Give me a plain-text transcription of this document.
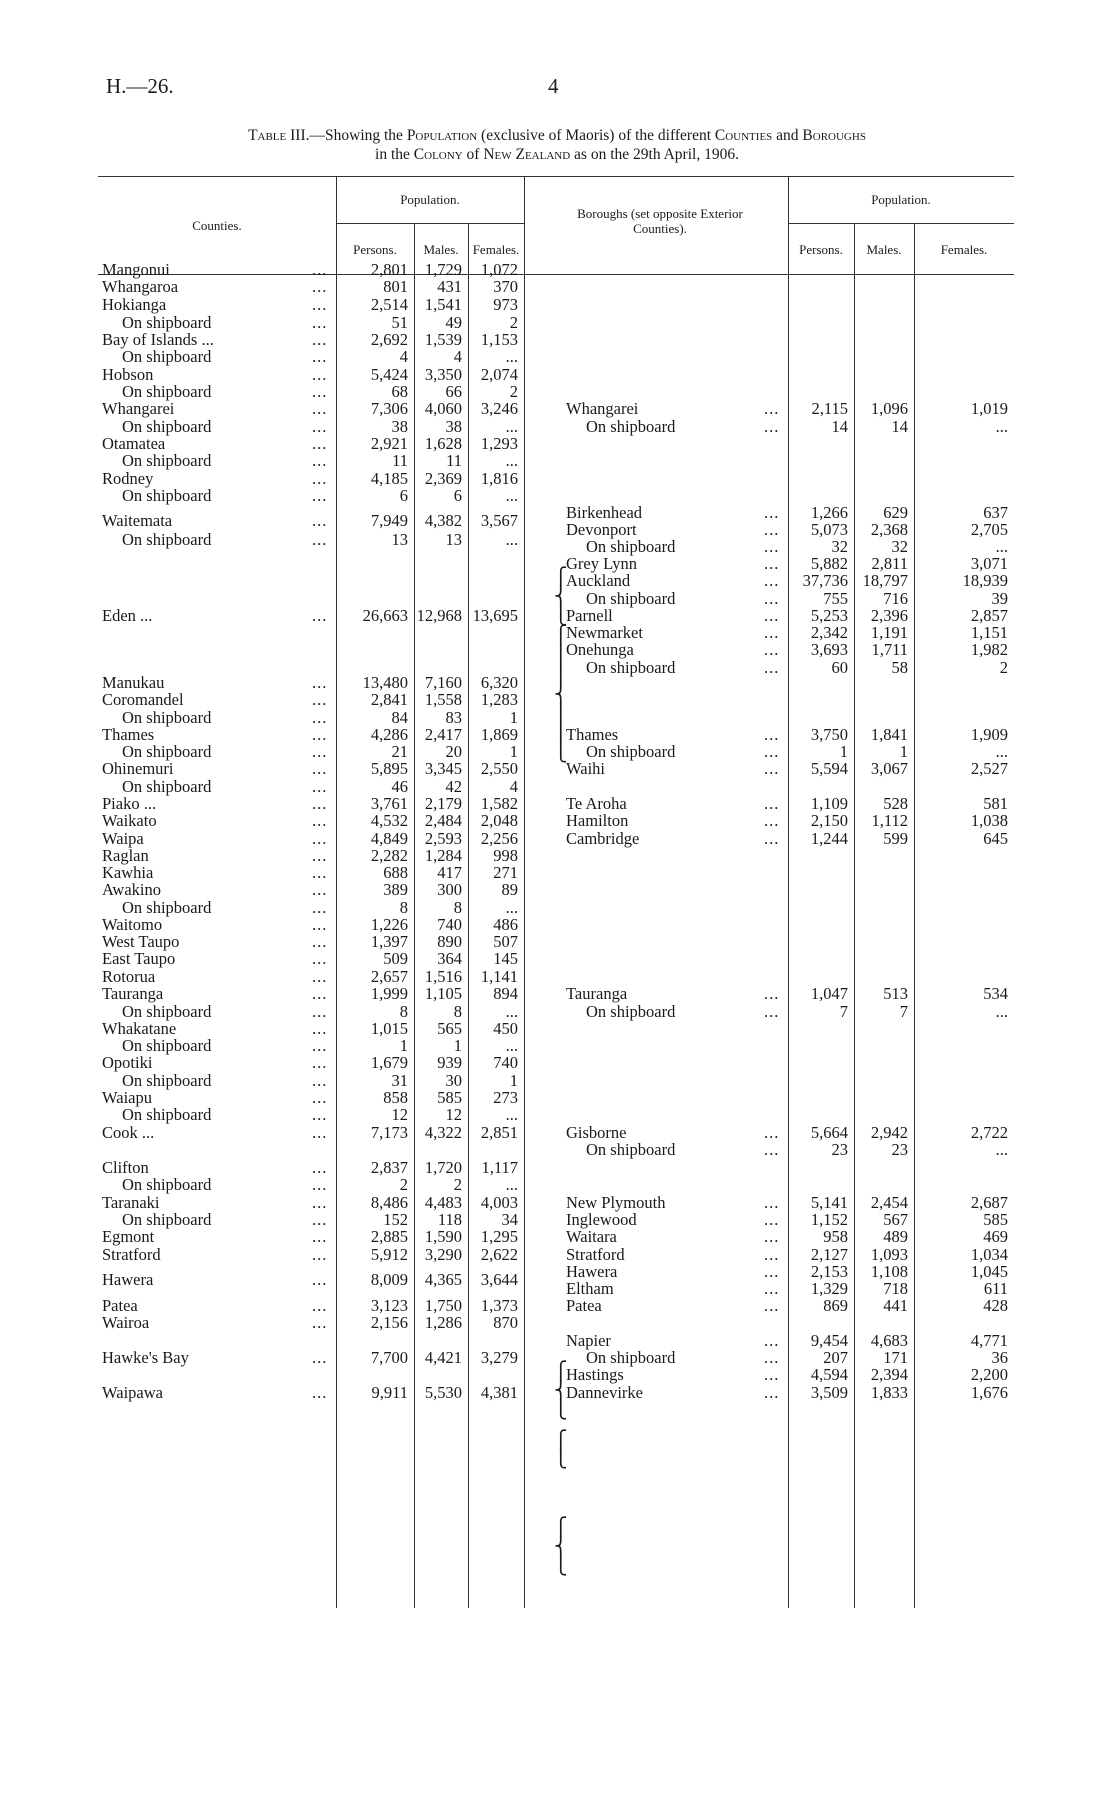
H.—26.	4
Table III.—Showing the Population (exclusive of Maoris) of the different Counties and Boroughs
in the Colony of New Zealand as on the 29th April, 1906.
Counties.
Population.
Persons.	Males.	Females.
Boroughs (set opposite Exterior Counties).
Population.
Persons.	Males.	Females.
⎧
⎨
⎩
⎧
⎪
⎪
⎨
⎪
⎪
⎩
⎧
⎨
⎩
⎧
⎩
⎧
⎨
⎩
Mangonui	...	2,801	1,729	1,072
Whangaroa	...	801	431	370
Hokianga	...	2,514	1,541	973
On shipboard	...	51	49	2
Bay of Islands ...	...	2,692	1,539	1,153
On shipboard	...	4	4	...
Hobson	...	5,424	3,350	2,074
On shipboard	...	68	66	2
Whangarei	...	7,306	4,060	3,246
On shipboard	...	38	38	...
Otamatea	...	2,921	1,628	1,293
On shipboard	...	11	11	...
Rodney	...	4,185	2,369	1,816
On shipboard	...	6	6	...
Waitemata	...	7,949	4,382	3,567
On shipboard	...	13	13	...
Eden ...	...	26,663 12,968 13,695
Manukau	...	13,480	7,160	6,320
Coromandel	...	2,841	1,558	1,283
On shipboard	...	84	83	1
Thames	...	4,286	2,417	1,869
On shipboard	...	21	20	1
Ohinemuri	...	5,895	3,345	2,550
On shipboard	...	46	42	4
Piako ...	...	3,761	2,179	1,582
Waikato	...	4,532	2,484	2,048
Waipa	...	4,849	2,593	2,256
Raglan	...	2,282	1,284	998
Kawhia	...	688	417	271
Awakino	...	389	300	89
On shipboard	...	8	8	...
Waitomo	...	1,226	740	486
West Taupo	...	1,397	890	507
East Taupo	...	509	364	145
Rotorua	...	2,657	1,516	1,141
Tauranga	...	1,999	1,105	894
On shipboard	...	8	8	...
Whakatane	...	1,015	565	450
On shipboard	...	1	1	...
Opotiki	...	1,679	939	740
On shipboard	...	31	30	1
Waiapu	...	858	585	273
On shipboard	...	12	12	...
Cook ...	...	7,173	4,322	2,851
Clifton	...	2,837	1,720	1,117
On shipboard	...	2	2	...
Taranaki	...	8,486	4,483	4,003
On shipboard	...	152	118	34
Egmont	...	2,885	1,590	1,295
Stratford	...	5,912	3,290	2,622
Hawera	...	8,009	4,365	3,644
Patea	...	3,123	1,750	1,373
Wairoa	...	2,156	1,286	870
Hawke's Bay	...	7,700	4,421	3,279
Waipawa	...	9,911	5,530	4,381
Whangarei	...	2,115	1,096	1,019
On shipboard	...	14	14	...
Birkenhead	...	1,266	629	637
Devonport	...	5,073	2,368	2,705
On shipboard	...	32	32	...
Grey Lynn	...	5,882	2,811	3,071
Auckland	...	37,736 18,797	18,939
On shipboard	...	755	716	39
Parnell	...	5,253	2,396	2,857
Newmarket	...	2,342	1,191	1,151
Onehunga	...	3,693	1,711	1,982
On shipboard	...	60	58	2
Thames	...	3,750	1,841	1,909
On shipboard	...	1	1	...
Waihi	...	5,594	3,067	2,527
Te Aroha	...	1,109	528	581
Hamilton	...	2,150	1,112	1,038
Cambridge	...	1,244	599	645
Tauranga	...	1,047	513	534
On shipboard	...	7	7	...
Gisborne	...	5,664	2,942	2,722
On shipboard	...	23	23	...
New Plymouth	...	5,141	2,454	2,687
Inglewood	...	1,152	567	585
Waitara	...	958	489	469
Stratford	...	2,127	1,093	1,034
Hawera	...	2,153	1,108	1,045
Eltham	...	1,329	718	611
Patea	...	869	441	428
Napier	...	9,454	4,683	4,771
On shipboard	...	207	171	36
Hastings	...	4,594	2,394	2,200
Dannevirke	...	3,509	1,833	1,676
